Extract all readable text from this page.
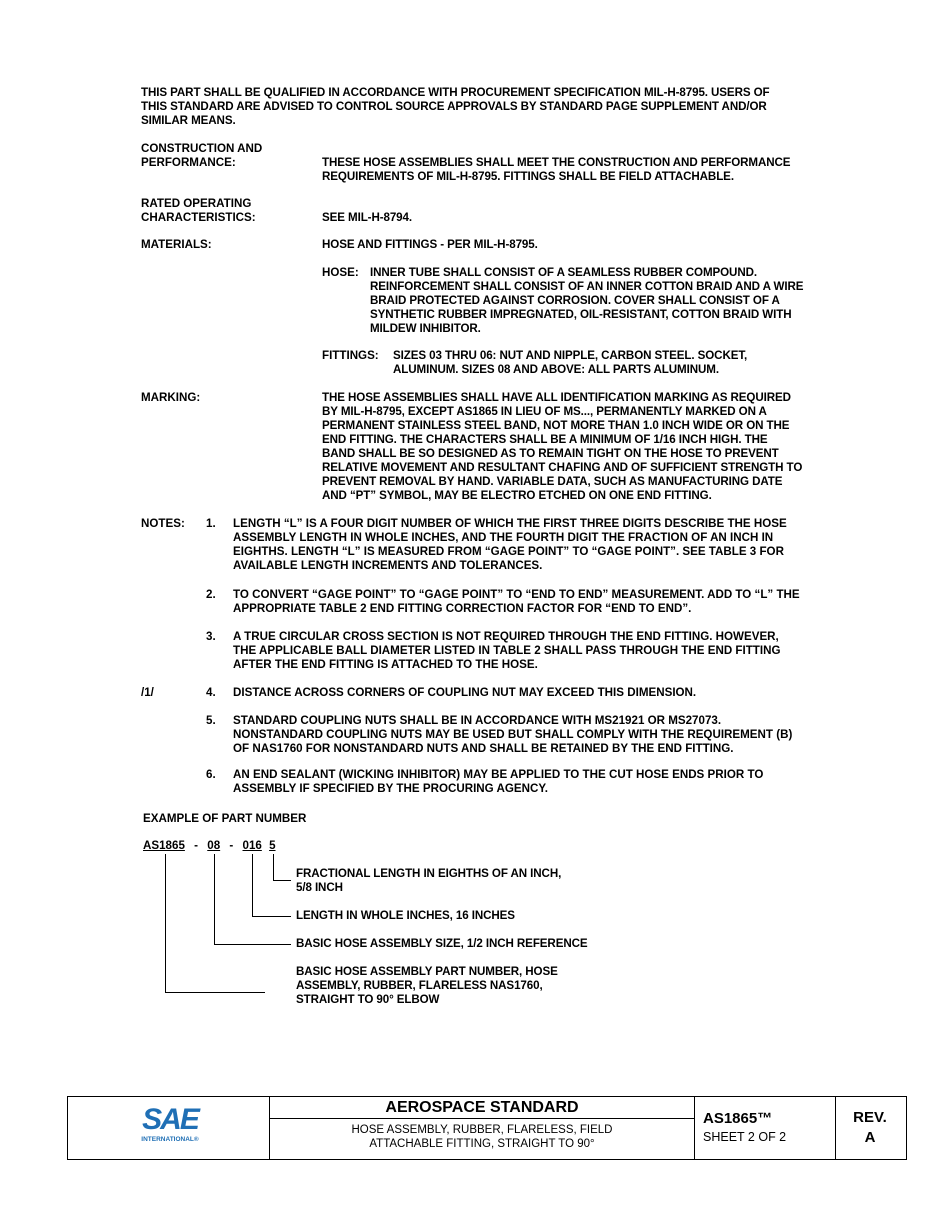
THIS PART SHALL BE QUALIFIED IN ACCORDANCE WITH PROCUREMENT SPECIFICATION MIL-H-8795. USERS OF
THIS STANDARD ARE ADVISED TO CONTROL SOURCE APPROVALS BY STANDARD PAGE SUPPLEMENT AND/OR
SIMILAR MEANS.
CONSTRUCTION AND
PERFORMANCE:	THESE HOSE ASSEMBLIES SHALL MEET THE CONSTRUCTION AND PERFORMANCE
REQUIREMENTS OF MIL-H-8795. FITTINGS SHALL BE FIELD ATTACHABLE.
RATED OPERATING
CHARACTERISTICS:	SEE MIL-H-8794.
MATERIALS:	HOSE AND FITTINGS - PER MIL-H-8795.
HOSE: INNER TUBE SHALL CONSIST OF A SEAMLESS RUBBER COMPOUND.
REINFORCEMENT SHALL CONSIST OF AN INNER COTTON BRAID AND A WIRE
BRAID PROTECTED AGAINST CORROSION. COVER SHALL CONSIST OF A
SYNTHETIC RUBBER IMPREGNATED, OIL-RESISTANT, COTTON BRAID WITH
MILDEW INHIBITOR.
FITTINGS: SIZES 03 THRU 06: NUT AND NIPPLE, CARBON STEEL. SOCKET,
ALUMINUM. SIZES 08 AND ABOVE: ALL PARTS ALUMINUM.
MARKING:	THE HOSE ASSEMBLIES SHALL HAVE ALL IDENTIFICATION MARKING AS REQUIRED
BY MIL-H-8795, EXCEPT AS1865 IN LIEU OF MS..., PERMANENTLY MARKED ON A
PERMANENT STAINLESS STEEL BAND, NOT MORE THAN 1.0 INCH WIDE OR ON THE
END FITTING. THE CHARACTERS SHALL BE A MINIMUM OF 1/16 INCH HIGH. THE
BAND SHALL BE SO DESIGNED AS TO REMAIN TIGHT ON THE HOSE TO PREVENT
RELATIVE MOVEMENT AND RESULTANT CHAFING AND OF SUFFICIENT STRENGTH TO
PREVENT REMOVAL BY HAND. VARIABLE DATA, SUCH AS MANUFACTURING DATE
AND “PT” SYMBOL, MAY BE ELECTRO ETCHED ON ONE END FITTING.
NOTES: 1. LENGTH “L” IS A FOUR DIGIT NUMBER OF WHICH THE FIRST THREE DIGITS DESCRIBE THE HOSE
ASSEMBLY LENGTH IN WHOLE INCHES, AND THE FOURTH DIGIT THE FRACTION OF AN INCH IN
EIGHTHS. LENGTH “L” IS MEASURED FROM “GAGE POINT” TO “GAGE POINT”. SEE TABLE 3 FOR
AVAILABLE LENGTH INCREMENTS AND TOLERANCES.
2. TO CONVERT “GAGE POINT” TO “GAGE POINT” TO “END TO END” MEASUREMENT. ADD TO “L” THE
APPROPRIATE TABLE 2 END FITTING CORRECTION FACTOR FOR “END TO END”.
3. A TRUE CIRCULAR CROSS SECTION IS NOT REQUIRED THROUGH THE END FITTING. HOWEVER,
THE APPLICABLE BALL DIAMETER LISTED IN TABLE 2 SHALL PASS THROUGH THE END FITTING
AFTER THE END FITTING IS ATTACHED TO THE HOSE.
/1/	4. DISTANCE ACROSS CORNERS OF COUPLING NUT MAY EXCEED THIS DIMENSION.
5. STANDARD COUPLING NUTS SHALL BE IN ACCORDANCE WITH MS21921 OR MS27073.
NONSTANDARD COUPLING NUTS MAY BE USED BUT SHALL COMPLY WITH THE REQUIREMENT (B)
OF NAS1760 FOR NONSTANDARD NUTS AND SHALL BE RETAINED BY THE END FITTING.
6. AN END SEALANT (WICKING INHIBITOR) MAY BE APPLIED TO THE CUT HOSE ENDS PRIOR TO
ASSEMBLY IF SPECIFIED BY THE PROCURING AGENCY.
EXAMPLE OF PART NUMBER
AS1865 - 08 - 016 5
FRACTIONAL LENGTH IN EIGHTHS OF AN INCH,
5/8 INCH
LENGTH IN WHOLE INCHES, 16 INCHES
BASIC HOSE ASSEMBLY SIZE, 1/2 INCH REFERENCE
BASIC HOSE ASSEMBLY PART NUMBER, HOSE
ASSEMBLY, RUBBER, FLARELESS NAS1760,
STRAIGHT TO 90° ELBOW
SAE
INTERNATIONAL®
AEROSPACE STANDARD
HOSE ASSEMBLY, RUBBER, FLARELESS, FIELD
ATTACHABLE FITTING, STRAIGHT TO 90°
AS1865™
SHEET 2 OF 2
REV.
A
